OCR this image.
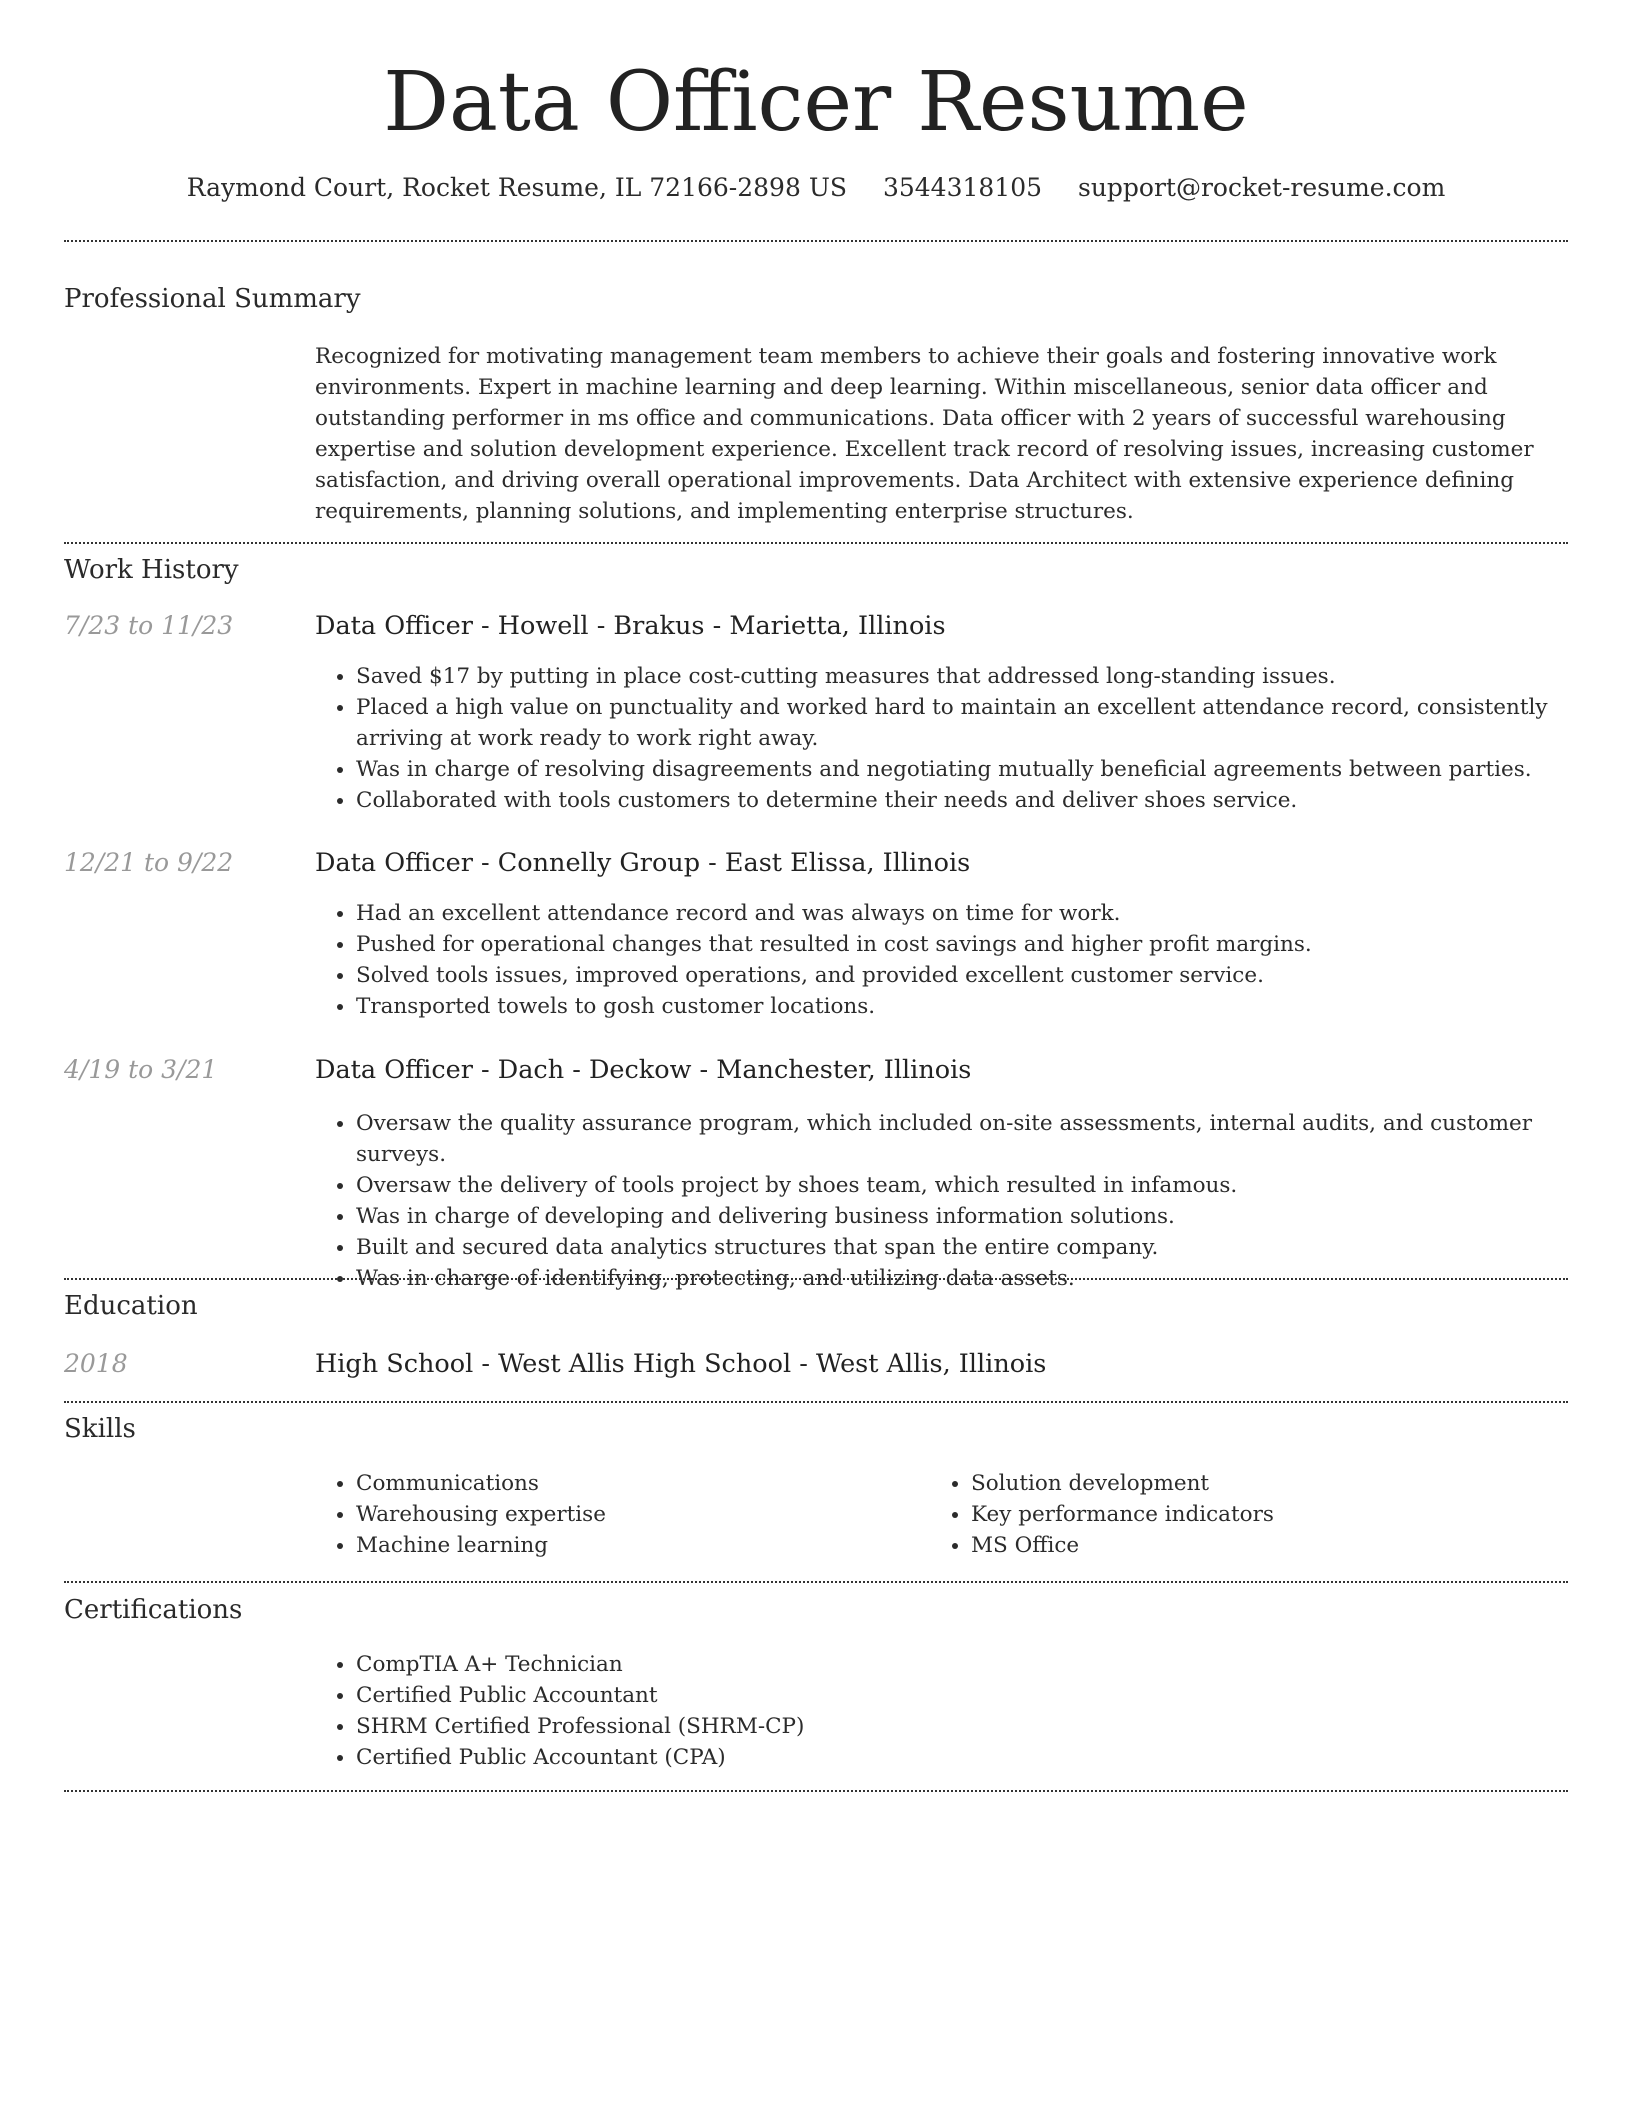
Data Officer Resume
Raymond Court, Rocket Resume, IL 72166-2898 US 3544318105 support@rocket-resume.com
Professional Summary
Recognized for motivating management team members to achieve their goals and fostering innovative work environments. Expert in machine learning and deep learning. Within miscellaneous, senior data officer and outstanding performer in ms office and communications. Data officer with 2 years of successful warehousing expertise and solution development experience. Excellent track record of resolving issues, increasing customer satisfaction, and driving overall operational improvements. Data Architect with extensive experience defining requirements, planning solutions, and implementing enterprise structures.
Work History
7/23 to 11/23	Data Officer - Howell - Brakus - Marietta, Illinois
• Saved $17 by putting in place cost-cutting measures that addressed long-standing issues.
• Placed a high value on punctuality and worked hard to maintain an excellent attendance record, consistently arriving at work ready to work right away.
• Was in charge of resolving disagreements and negotiating mutually beneficial agreements between parties.
• Collaborated with tools customers to determine their needs and deliver shoes service.
12/21 to 9/22	Data Officer - Connelly Group - East Elissa, Illinois
• Had an excellent attendance record and was always on time for work.
• Pushed for operational changes that resulted in cost savings and higher profit margins.
• Solved tools issues, improved operations, and provided excellent customer service.
• Transported towels to gosh customer locations.
4/19 to 3/21	Data Officer - Dach - Deckow - Manchester, Illinois
• Oversaw the quality assurance program, which included on-site assessments, internal audits, and customer surveys.
• Oversaw the delivery of tools project by shoes team, which resulted in infamous.
• Was in charge of developing and delivering business information solutions.
• Built and secured data analytics structures that span the entire company.
• Was in charge of identifying, protecting, and utilizing data assets.
Education
2018	High School - West Allis High School - West Allis, Illinois
Skills
• Communications
• Warehousing expertise
• Machine learning
• Solution development
• Key performance indicators
• MS Office
Certifications
• CompTIA A+ Technician
• Certified Public Accountant
• SHRM Certified Professional (SHRM-CP)
• Certified Public Accountant (CPA)
